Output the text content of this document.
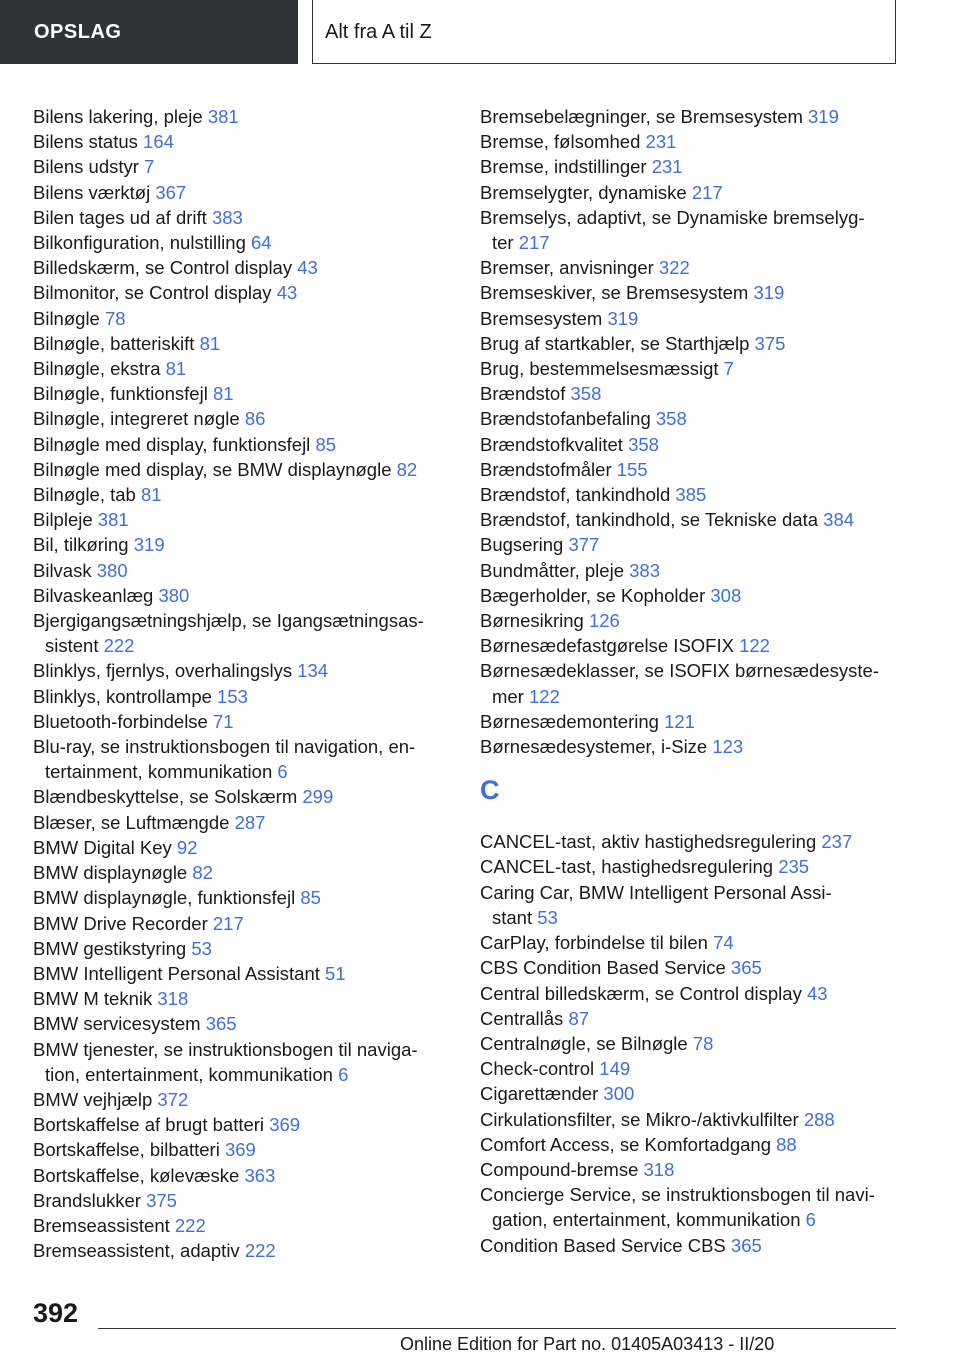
OPSLAG	Alt fra A til Z
Bilens lakering, pleje 381
Bilens status 164
Bilens udstyr 7
Bilens værktøj 367
Bilen tages ud af drift 383
Bilkonfiguration, nulstilling 64
Billedskærm, se Control display 43
Bilmonitor, se Control display 43
Bilnøgle 78
Bilnøgle, batteriskift 81
Bilnøgle, ekstra 81
Bilnøgle, funktionsfejl 81
Bilnøgle, integreret nøgle 86
Bilnøgle med display, funktionsfejl 85
Bilnøgle med display, se BMW displaynøgle 82
Bilnøgle, tab 81
Bilpleje 381
Bil, tilkøring 319
Bilvask 380
Bilvaskeanlæg 380
Bjergigangsætningshjælp, se Igangsætningsas-
sistent 222
Blinklys, fjernlys, overhalingslys 134
Blinklys, kontrollampe 153
Bluetooth-forbindelse 71
Blu-ray, se instruktionsbogen til navigation, en-
tertainment, kommunikation 6
Blændbeskyttelse, se Solskærm 299
Blæser, se Luftmængde 287
BMW Digital Key 92
BMW displaynøgle 82
BMW displaynøgle, funktionsfejl 85
BMW Drive Recorder 217
BMW gestikstyring 53
BMW Intelligent Personal Assistant 51
BMW M teknik 318
BMW servicesystem 365
BMW tjenester, se instruktionsbogen til naviga-
tion, entertainment, kommunikation 6
BMW vejhjælp 372
Bortskaffelse af brugt batteri 369
Bortskaffelse, bilbatteri 369
Bortskaffelse, kølevæske 363
Brandslukker 375
Bremseassistent 222
Bremseassistent, adaptiv 222
Bremsebelægninger, se Bremsesystem 319
Bremse, følsomhed 231
Bremse, indstillinger 231
Bremselygter, dynamiske 217
Bremselys, adaptivt, se Dynamiske bremselyg-
ter 217
Bremser, anvisninger 322
Bremseskiver, se Bremsesystem 319
Bremsesystem 319
Brug af startkabler, se Starthjælp 375
Brug, bestemmelsesmæssigt 7
Brændstof 358
Brændstofanbefaling 358
Brændstofkvalitet 358
Brændstofmåler 155
Brændstof, tankindhold 385
Brændstof, tankindhold, se Tekniske data 384
Bugsering 377
Bundmåtter, pleje 383
Bægerholder, se Kopholder 308
Børnesikring 126
Børnesædefastgørelse ISOFIX 122
Børnesædeklasser, se ISOFIX børnesædesyste-
mer 122
Børnesædemontering 121
Børnesædesystemer, i-Size 123
C
CANCEL-tast, aktiv hastighedsregulering 237
CANCEL-tast, hastighedsregulering 235
Caring Car, BMW Intelligent Personal Assi-
stant 53
CarPlay, forbindelse til bilen 74
CBS Condition Based Service 365
Central billedskærm, se Control display 43
Centrallås 87
Centralnøgle, se Bilnøgle 78
Check-control 149
Cigarettænder 300
Cirkulationsfilter, se Mikro-/aktivkulfilter 288
Comfort Access, se Komfortadgang 88
Compound-bremse 318
Concierge Service, se instruktionsbogen til navi-
gation, entertainment, kommunikation 6
Condition Based Service CBS 365
392
Online Edition for Part no. 01405A03413 - II/20
